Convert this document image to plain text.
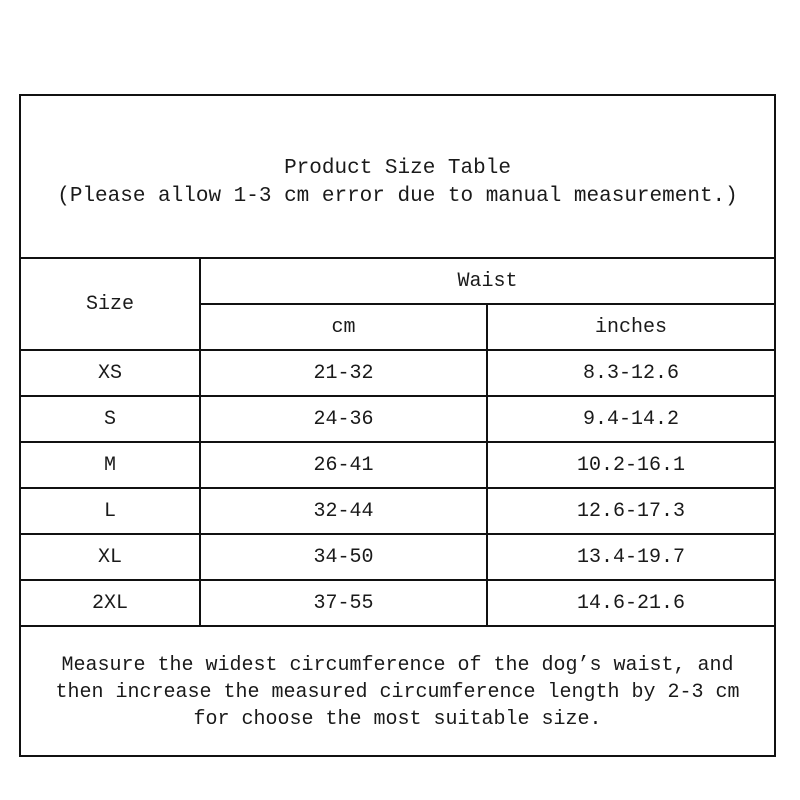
Product Size Table
(Please allow 1-3 cm error due to manual measurement.)
Size
Waist
cm	inches
XS	21-32	8.3-12.6
S	24-36	9.4-14.2
M	26-41	10.2-16.1
L	32-44	12.6-17.3
XL	34-50	13.4-19.7
2XL	37-55	14.6-21.6
Measure the widest circumference of the dog’s waist, and
then increase the measured circumference length by 2-3 cm
for choose the most suitable size.
